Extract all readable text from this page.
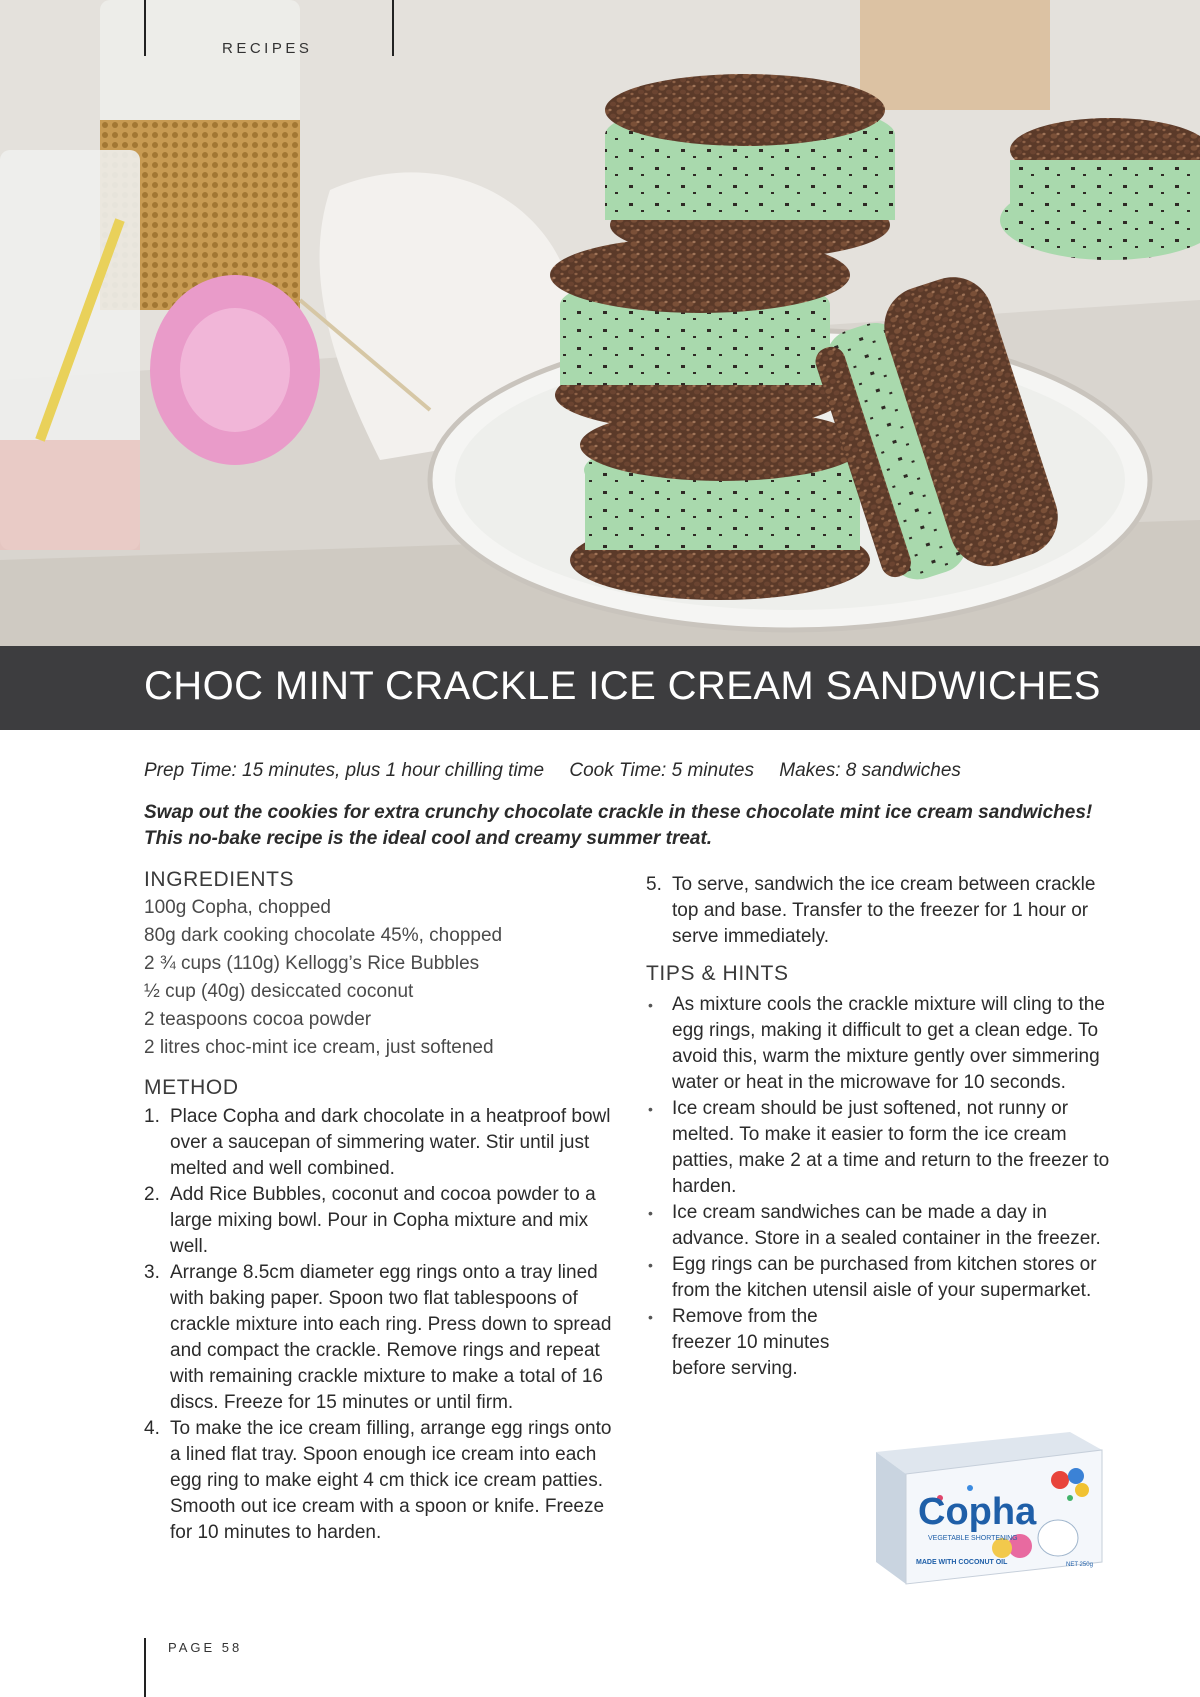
RECIPES
CHOC MINT CRACKLE ICE CREAM SANDWICHES
Prep Time: 15 minutes, plus 1 hour chilling time Cook Time: 5 minutes Makes: 8 sandwiches

Swap out the cookies for extra crunchy chocolate crackle in these chocolate mint ice cream sandwiches!

This no-bake recipe is the ideal cool and creamy summer treat.

INGREDIENTS
100g Copha, chopped
80g dark cooking chocolate 45%, chopped
2 ¾ cups (110g) Kellogg’s Rice Bubbles
½ cup (40g) desiccated coconut
2 teaspoons cocoa powder
2 litres choc-mint ice cream, just softened
METHOD
1. Place Copha and dark chocolate in a heatproof bowl over a saucepan of simmering water. Stir until just melted and well combined.
2. Add Rice Bubbles, coconut and cocoa powder to a large mixing bowl. Pour in Copha mixture and mix well.
3. Arrange 8.5cm diameter egg rings onto a tray lined with baking paper. Spoon two flat tablespoons of crackle mixture into each ring. Press down to spread and compact the crackle. Remove rings and repeat with remaining crackle mixture to make a total of 16 discs. Freeze for 15 minutes or until firm.
4. To make the ice cream filling, arrange egg rings onto a lined flat tray. Spoon enough ice cream into each egg ring to make eight 4 cm thick ice cream patties. Smooth out ice cream with a spoon or knife. Freeze for 10 minutes to harden.
5. To serve, sandwich the ice cream between crackle top and base. Transfer to the freezer for 1 hour or serve immediately.
TIPS & HINTS
• As mixture cools the crackle mixture will cling to the egg rings, making it difficult to get a clean edge. To avoid this, warm the mixture gently over simmering water or heat in the microwave for 10 seconds.
• Ice cream should be just softened, not runny or melted. To make it easier to form the ice cream patties, make 2 at a time and return to the freezer to harden.
• Ice cream sandwiches can be made a day in advance. Store in a sealed container in the freezer.
• Egg rings can be purchased from kitchen stores or from the kitchen utensil aisle of your supermarket.
• Remove from the freezer 10 minutes before serving.
Copha
VEGETABLE SHORTENING
MADE WITH COCONUT OIL	NET 250g
PAGE 58
